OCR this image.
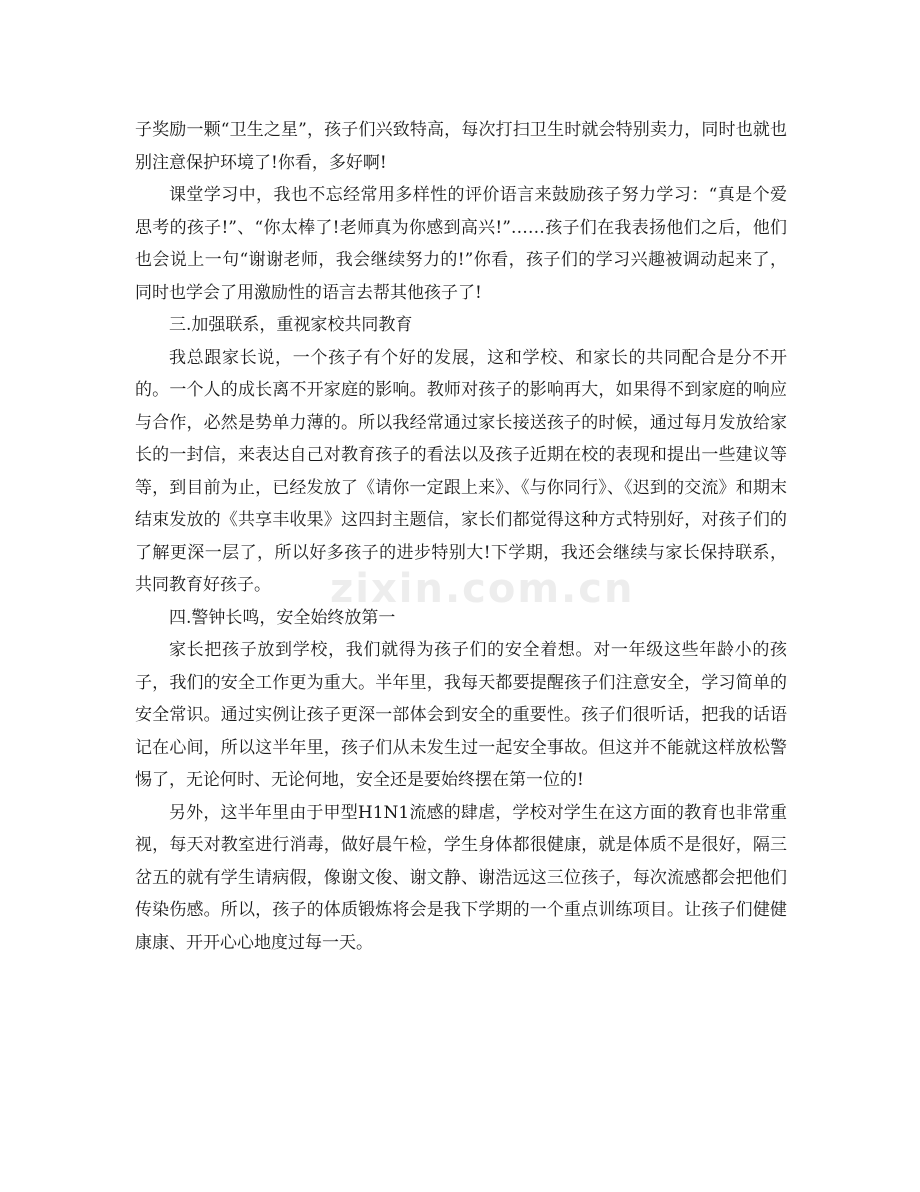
zixin.com.cn

子奖励一颗“卫生之星”，孩子们兴致特高，每次打扫卫生时就会特别卖力，同时也就也别注意保护环境了!你看，多好啊!

课堂学习中，我也不忘经常用多样性的评价语言来鼓励孩子努力学习：“真是个爱思考的孩子!”、“你太棒了!老师真为你感到高兴!”……孩子们在我表扬他们之后，他们也会说上一句“谢谢老师，我会继续努力的!”你看，孩子们的学习兴趣被调动起来了，同时也学会了用激励性的语言去帮其他孩子了!

三.加强联系，重视家校共同教育

我总跟家长说，一个孩子有个好的发展，这和学校、和家长的共同配合是分不开的。一个人的成长离不开家庭的影响。教师对孩子的影响再大，如果得不到家庭的响应与合作，必然是势单力薄的。所以我经常通过家长接送孩子的时候，通过每月发放给家长的一封信，来表达自己对教育孩子的看法以及孩子近期在校的表现和提出一些建议等等，到目前为止，已经发放了《请你一定跟上来》、《与你同行》、《迟到的交流》和期末结束发放的《共享丰收果》这四封主题信，家长们都觉得这种方式特别好，对孩子们的了解更深一层了，所以好多孩子的进步特别大!下学期，我还会继续与家长保持联系，共同教育好孩子。

四.警钟长鸣，安全始终放第一

家长把孩子放到学校，我们就得为孩子们的安全着想。对一年级这些年龄小的孩子，我们的安全工作更为重大。半年里，我每天都要提醒孩子们注意安全，学习简单的安全常识。通过实例让孩子更深一部体会到安全的重要性。孩子们很听话，把我的话语记在心间，所以这半年里，孩子们从未发生过一起安全事故。但这并不能就这样放松警惕了，无论何时、无论何地，安全还是要始终摆在第一位的!

另外，这半年里由于甲型H1N1流感的肆虐，学校对学生在这方面的教育也非常重视，每天对教室进行消毒，做好晨午检，学生身体都很健康，就是体质不是很好，隔三岔五的就有学生请病假，像谢文俊、谢文静、谢浩远这三位孩子，每次流感都会把他们传染伤感。所以，孩子的体质锻炼将会是我下学期的一个重点训练项目。让孩子们健健康康、开开心心地度过每一天。
